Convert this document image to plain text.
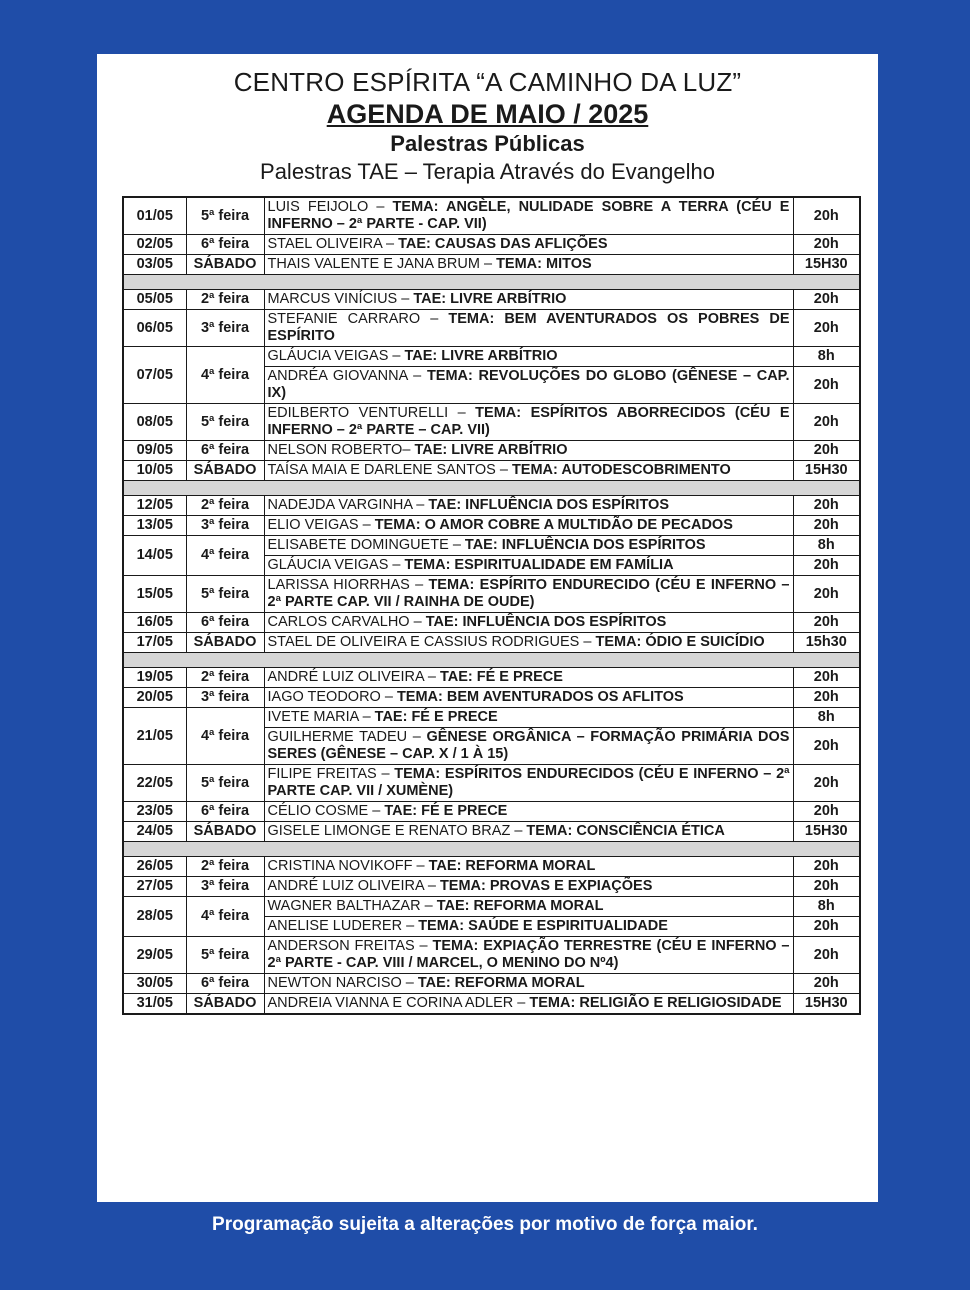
CENTRO ESPÍRITA “A CAMINHO DA LUZ”
AGENDA DE MAIO / 2025
Palestras Públicas
Palestras TAE – Terapia Através do Evangelho
01/05	5ª feira	LUIS FEIJOLO – TEMA: ANGÈLE, NULIDADE SOBRE A TERRA (CÉU E INFERNO – 2ª PARTE - CAP. VII)	20h
02/05	6ª feira	STAEL OLIVEIRA – TAE: CAUSAS DAS AFLIÇÕES	20h
03/05	SÁBADO	THAIS VALENTE E JANA BRUM – TEMA: MITOS	15H30

05/05	2ª feira	MARCUS VINÍCIUS – TAE: LIVRE ARBÍTRIO	20h
06/05	3ª feira	STEFANIE CARRARO – TEMA: BEM AVENTURADOS OS POBRES DE ESPÍRITO	20h
07/05	4ª feira	GLÁUCIA VEIGAS – TAE: LIVRE ARBÍTRIO	8h
		ANDRÉA GIOVANNA – TEMA: REVOLUÇÕES DO GLOBO (GÊNESE – CAP. IX)	20h
08/05	5ª feira	EDILBERTO VENTURELLI – TEMA: ESPÍRITOS ABORRECIDOS (CÉU E INFERNO – 2ª PARTE – CAP. VII)	20h
09/05	6ª feira	NELSON ROBERTO– TAE: LIVRE ARBÍTRIO	20h
10/05	SÁBADO	TAÍSA MAIA E DARLENE SANTOS – TEMA: AUTODESCOBRIMENTO	15H30

12/05	2ª feira	NADEJDA VARGINHA – TAE: INFLUÊNCIA DOS ESPÍRITOS	20h
13/05	3ª feira	ELIO VEIGAS – TEMA: O AMOR COBRE A MULTIDÃO DE PECADOS	20h
14/05	4ª feira	ELISABETE DOMINGUETE – TAE: INFLUÊNCIA DOS ESPÍRITOS	8h
		GLÁUCIA VEIGAS – TEMA: ESPIRITUALIDADE EM FAMÍLIA	20h
15/05	5ª feira	LARISSA HIORRHAS – TEMA: ESPÍRITO ENDURECIDO (CÉU E INFERNO – 2ª PARTE CAP. VII / RAINHA DE OUDE)	20h
16/05	6ª feira	CARLOS CARVALHO – TAE: INFLUÊNCIA DOS ESPÍRITOS	20h
17/05	SÁBADO	STAEL DE OLIVEIRA E CASSIUS RODRIGUES – TEMA: ÓDIO E SUICÍDIO	15h30

19/05	2ª feira	ANDRÉ LUIZ OLIVEIRA – TAE: FÉ E PRECE	20h
20/05	3ª feira	IAGO TEODORO – TEMA: BEM AVENTURADOS OS AFLITOS	20h
21/05	4ª feira	IVETE MARIA – TAE: FÉ E PRECE	8h
		GUILHERME TADEU – GÊNESE ORGÂNICA – FORMAÇÃO PRIMÁRIA DOS SERES (GÊNESE – CAP. X / 1 À 15)	20h
22/05	5ª feira	FILIPE FREITAS – TEMA: ESPÍRITOS ENDURECIDOS (CÉU E INFERNO – 2ª PARTE CAP. VII / XUMÈNE)	20h
23/05	6ª feira	CÉLIO COSME – TAE: FÉ E PRECE	20h
24/05	SÁBADO	GISELE LIMONGE E RENATO BRAZ – TEMA: CONSCIÊNCIA ÉTICA	15H30

26/05	2ª feira	CRISTINA NOVIKOFF – TAE: REFORMA MORAL	20h
27/05	3ª feira	ANDRÉ LUIZ OLIVEIRA – TEMA: PROVAS E EXPIAÇÕES	20h
28/05	4ª feira	WAGNER BALTHAZAR – TAE: REFORMA MORAL	8h
		ANELISE LUDERER – TEMA: SAÚDE E ESPIRITUALIDADE	20h
29/05	5ª feira	ANDERSON FREITAS – TEMA: EXPIAÇÃO TERRESTRE (CÉU E INFERNO – 2ª PARTE - CAP. VIII / MARCEL, O MENINO DO Nº4)	20h
30/05	6ª feira	NEWTON NARCISO – TAE: REFORMA MORAL	20h
31/05	SÁBADO	ANDREIA VIANNA E CORINA ADLER – TEMA: RELIGIÃO E RELIGIOSIDADE	15H30
Programação sujeita a alterações por motivo de força maior.
